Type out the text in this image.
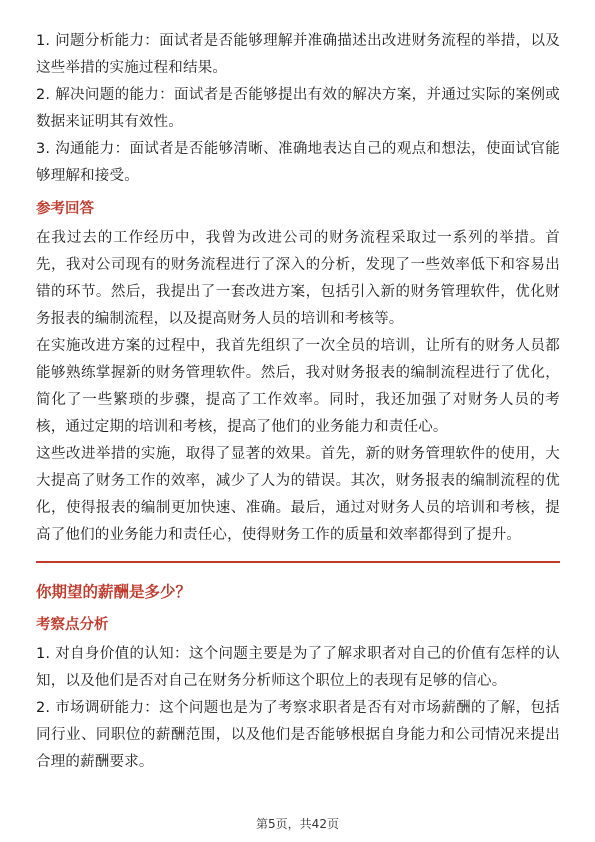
1. 问题分析能力：面试者是否能够理解并准确描述出改进财务流程的举措，以及这些举措的实施过程和结果。

2. 解决问题的能力：面试者是否能够提出有效的解决方案，并通过实际的案例或数据来证明其有效性。

3. 沟通能力：面试者是否能够清晰、准确地表达自己的观点和想法，使面试官能够理解和接受。

参考回答

在我过去的工作经历中，我曾为改进公司的财务流程采取过一系列的举措。首先，我对公司现有的财务流程进行了深入的分析，发现了一些效率低下和容易出错的环节。然后，我提出了一套改进方案，包括引入新的财务管理软件，优化财务报表的编制流程，以及提高财务人员的培训和考核等。

在实施改进方案的过程中，我首先组织了一次全员的培训，让所有的财务人员都能够熟练掌握新的财务管理软件。然后，我对财务报表的编制流程进行了优化，简化了一些繁琐的步骤，提高了工作效率。同时，我还加强了对财务人员的考核，通过定期的培训和考核，提高了他们的业务能力和责任心。

这些改进举措的实施，取得了显著的效果。首先，新的财务管理软件的使用，大大提高了财务工作的效率，减少了人为的错误。其次，财务报表的编制流程的优化，使得报表的编制更加快速、准确。最后，通过对财务人员的培训和考核，提高了他们的业务能力和责任心，使得财务工作的质量和效率都得到了提升。

你期望的薪酬是多少？
考察点分析

1. 对自身价值的认知：这个问题主要是为了了解求职者对自己的价值有怎样的认知，以及他们是否对自己在财务分析师这个职位上的表现有足够的信心。

2. 市场调研能力：这个问题也是为了考察求职者是否有对市场薪酬的了解，包括同行业、同职位的薪酬范围，以及他们是否能够根据自身能力和公司情况来提出合理的薪酬要求。

第5页，共42页
